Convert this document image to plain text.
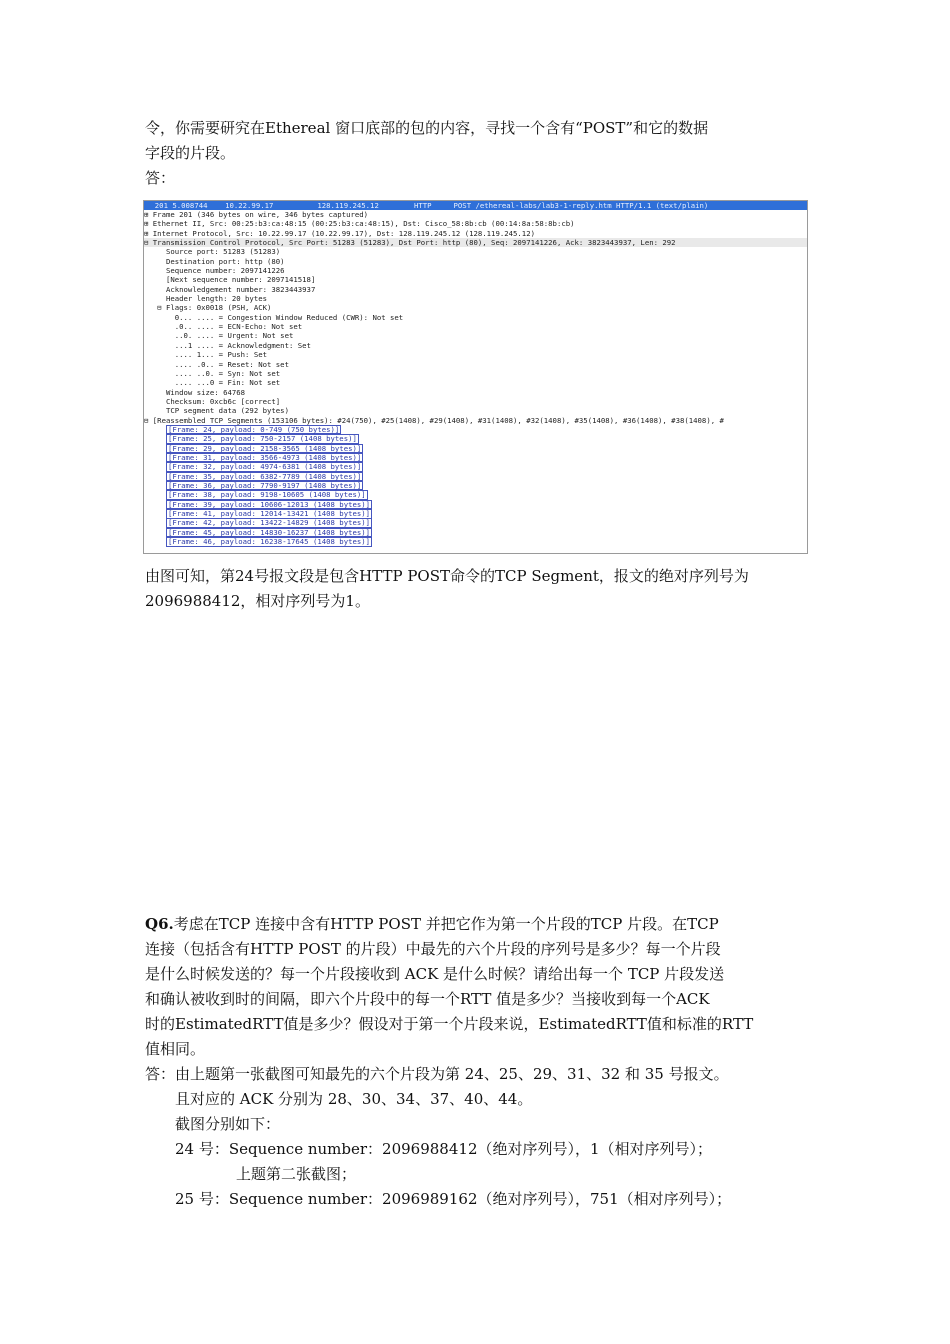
令，你需要研究在Ethereal 窗口底部的包的内容，寻找一个含有“POST”和它的数据
字段的片段。
答：
201 5.008744    10.22.99.17          128.119.245.12        HTTP     POST /ethereal-labs/lab3-1-reply.htm HTTP/1.1 (text/plain)
⊞ Frame 201 (346 bytes on wire, 346 bytes captured)
⊞ Ethernet II, Src: 00:25:b3:ca:48:15 (00:25:b3:ca:48:15), Dst: Cisco_58:8b:cb (00:14:8a:58:8b:cb)
⊞ Internet Protocol, Src: 10.22.99.17 (10.22.99.17), Dst: 128.119.245.12 (128.119.245.12)
⊟ Transmission Control Protocol, Src Port: 51283 (51283), Dst Port: http (80), Seq: 2097141226, Ack: 3823443937, Len: 292
Source port: 51283 (51283)
Destination port: http (80)
Sequence number: 2097141226
[Next sequence number: 2097141518]
Acknowledgement number: 3823443937
Header length: 20 bytes
⊟ Flags: 0x0018 (PSH, ACK)
0... .... = Congestion Window Reduced (CWR): Not set
.0.. .... = ECN-Echo: Not set
..0. .... = Urgent: Not set
...1 .... = Acknowledgment: Set
.... 1... = Push: Set
.... .0.. = Reset: Not set
.... ..0. = Syn: Not set
.... ...0 = Fin: Not set
Window size: 64768
Checksum: 0xcb6c [correct]
TCP segment data (292 bytes)
⊟ [Reassembled TCP Segments (153106 bytes): #24(750), #25(1408), #29(1408), #31(1408), #32(1408), #35(1408), #36(1408), #38(1408), #
[Frame: 24, payload: 0-749 (750 bytes)]
[Frame: 25, payload: 750-2157 (1408 bytes)]
[Frame: 29, payload: 2158-3565 (1408 bytes)]
[Frame: 31, payload: 3566-4973 (1408 bytes)]
[Frame: 32, payload: 4974-6381 (1408 bytes)]
[Frame: 35, payload: 6382-7789 (1408 bytes)]
[Frame: 36, payload: 7790-9197 (1408 bytes)]
[Frame: 38, payload: 9198-10605 (1408 bytes)]
[Frame: 39, payload: 10606-12013 (1408 bytes)]
[Frame: 41, payload: 12014-13421 (1408 bytes)]
[Frame: 42, payload: 13422-14829 (1408 bytes)]
[Frame: 45, payload: 14830-16237 (1408 bytes)]
[Frame: 46, payload: 16238-17645 (1408 bytes)]
由图可知，第24号报文段是包含HTTP POST命令的TCP Segment，报文的绝对序列号为
2096988412，相对序列号为1。
Q6.考虑在TCP 连接中含有HTTP POST 并把它作为第一个片段的TCP 片段。在TCP
连接（包括含有HTTP POST 的片段）中最先的六个片段的序列号是多少？每一个片段
是什么时候发送的？每一个片段接收到 ACK 是什么时候？请给出每一个 TCP 片段发送
和确认被收到时的间隔，即六个片段中的每一个RTT 值是多少？当接收到每一个ACK
时的EstimatedRTT值是多少？假设对于第一个片段来说，EstimatedRTT值和标准的RTT
值相同。
答：由上题第一张截图可知最先的六个片段为第 24、25、29、31、32 和 35 号报文。
且对应的 ACK 分别为 28、30、34、37、40、44。
截图分别如下：
24 号：Sequence number：2096988412（绝对序列号），1（相对序列号）；
上题第二张截图；
25 号：Sequence number：2096989162（绝对序列号），751（相对序列号）；
